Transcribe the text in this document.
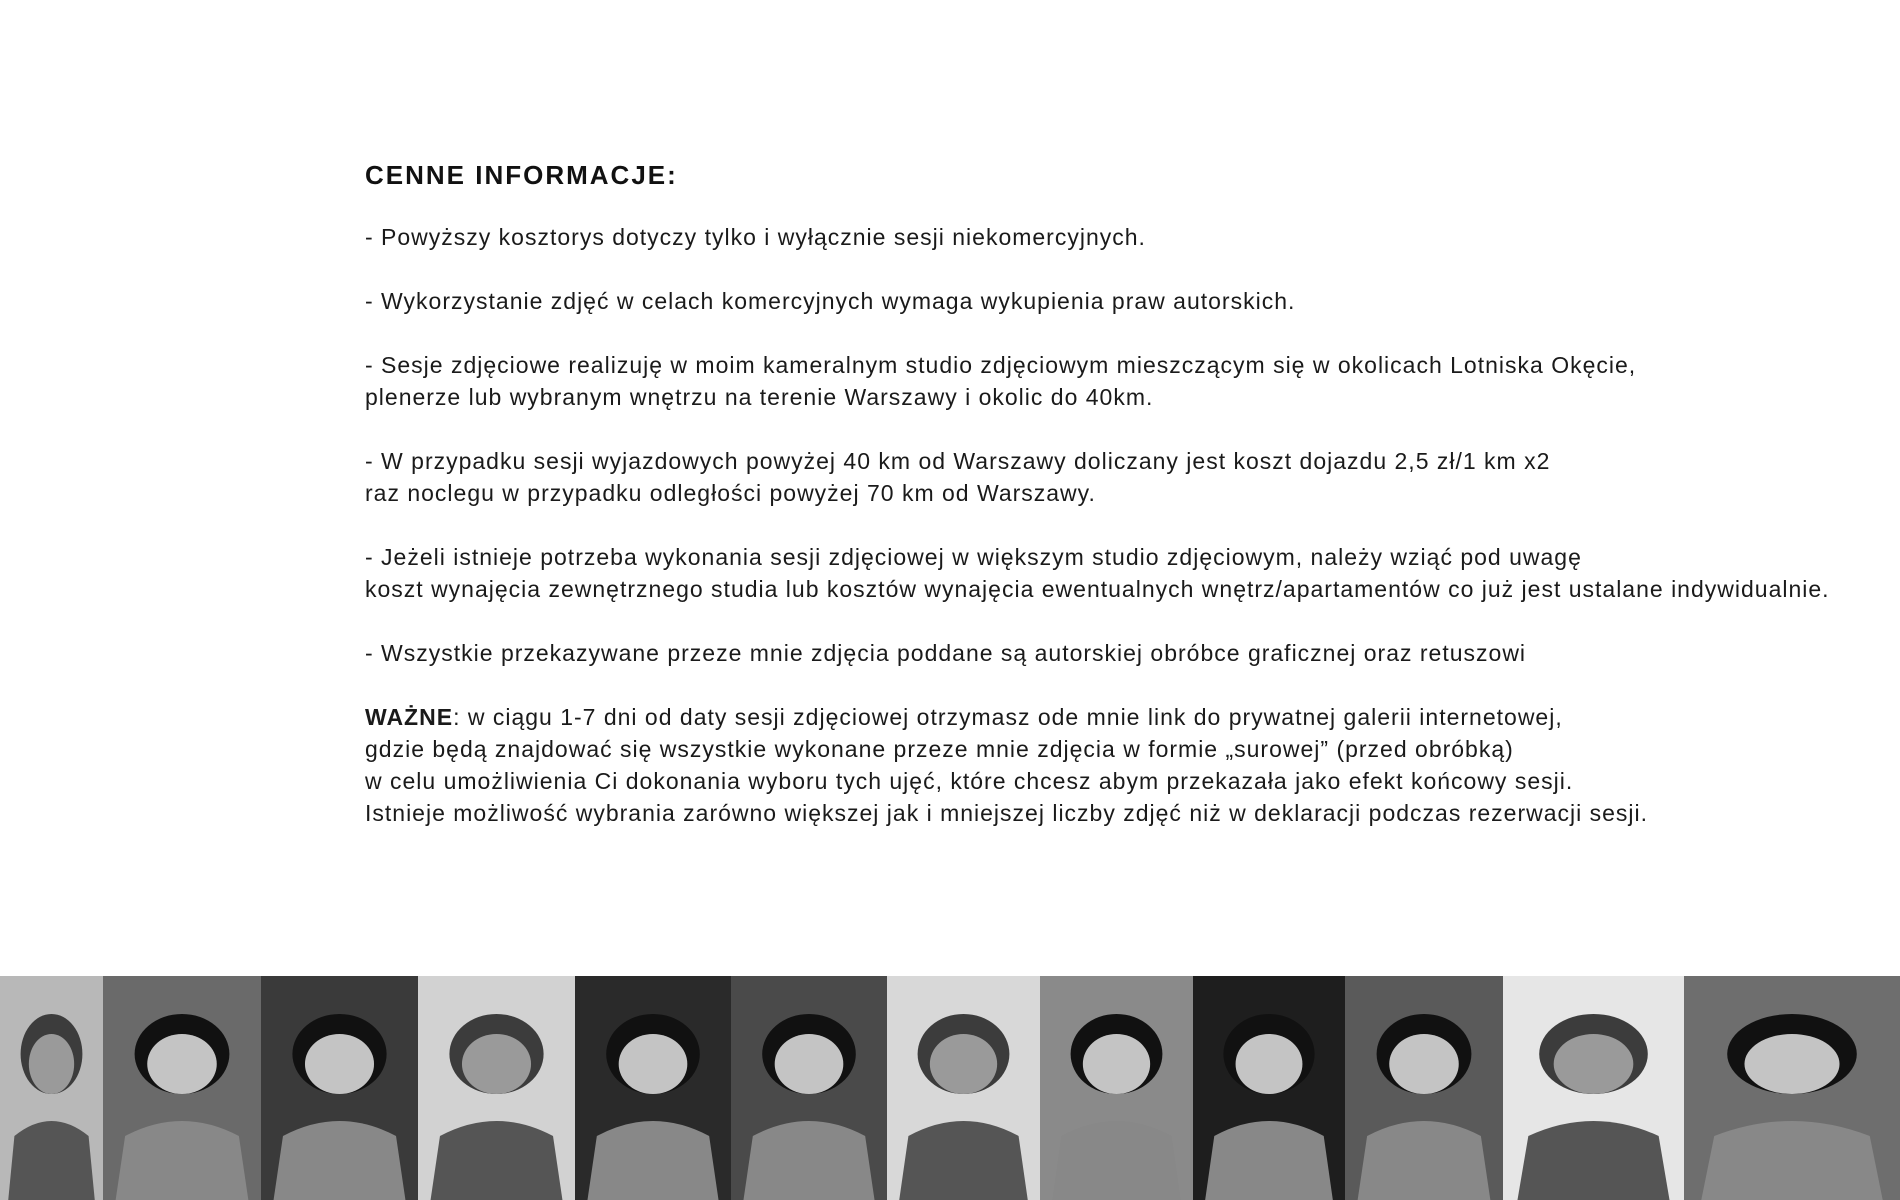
CENNE INFORMACJE:
- Powyższy kosztorys dotyczy tylko i wyłącznie sesji niekomercyjnych.
- Wykorzystanie zdjęć w celach komercyjnych wymaga wykupienia praw autorskich.
- Sesje zdjęciowe realizuję w moim kameralnym studio zdjęciowym mieszczącym się w okolicach Lotniska Okęcie,
plenerze lub wybranym wnętrzu na terenie Warszawy i okolic do 40km.
- W przypadku sesji wyjazdowych powyżej 40 km od Warszawy doliczany jest koszt dojazdu 2,5 zł/1 km x2
raz noclegu w przypadku odległości powyżej 70 km od Warszawy.
- Jeżeli istnieje potrzeba wykonania sesji zdjęciowej w większym studio zdjęciowym, należy wziąć pod uwagę
koszt wynajęcia zewnętrznego studia lub kosztów wynajęcia ewentualnych wnętrz/apartamentów co już jest ustalane indywidualnie.
- Wszystkie przekazywane przeze mnie zdjęcia poddane są autorskiej obróbce graficznej oraz retuszowi
WAŻNE: w ciągu 1-7 dni od daty sesji zdjęciowej otrzymasz ode mnie link do prywatnej galerii internetowej,
gdzie będą znajdować się wszystkie wykonane przeze mnie zdjęcia w formie „surowej” (przed obróbką)
w celu umożliwienia Ci dokonania wyboru tych ujęć, które chcesz abym przekazała jako efekt końcowy sesji.
Istnieje możliwość wybrania zarówno większej jak i mniejszej liczby zdjęć niż w deklaracji podczas rezerwacji sesji.
